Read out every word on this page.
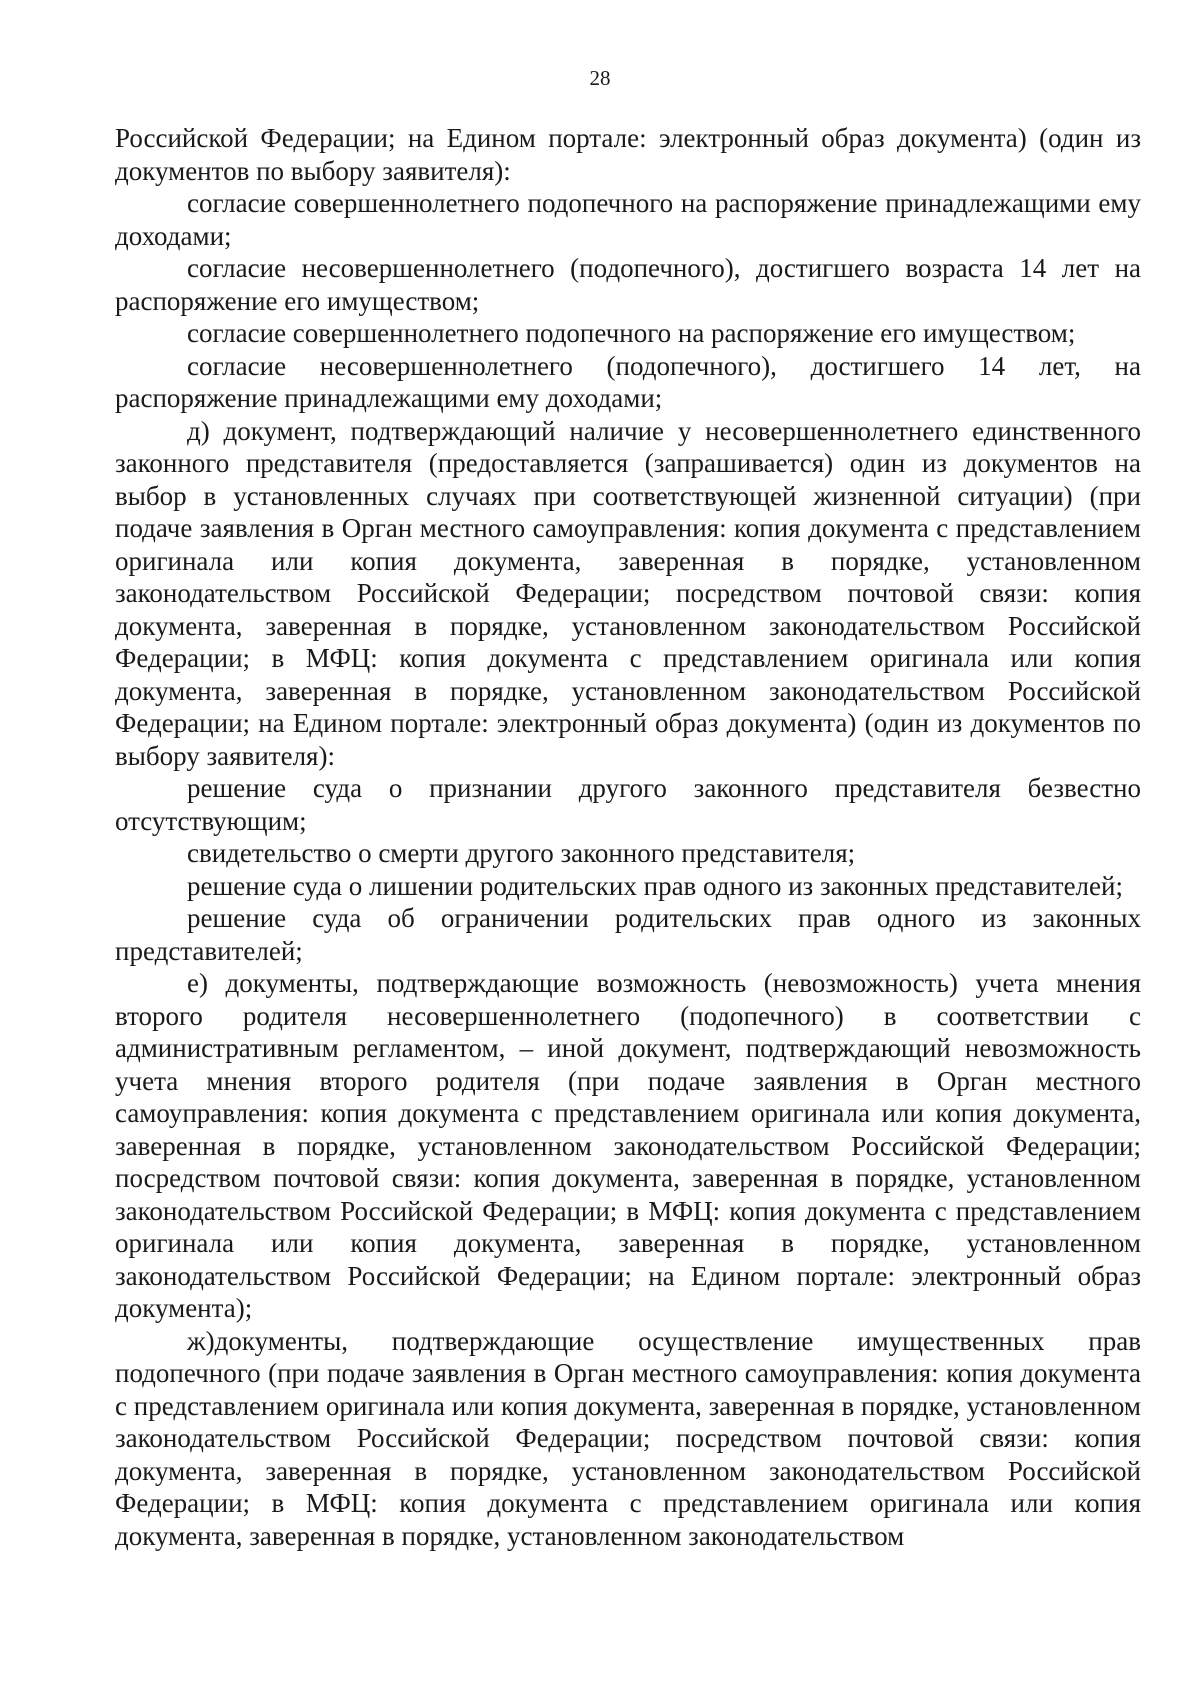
28

Российской Федерации; на Едином портале: электронный образ документа) (один из документов по выбору заявителя):

согласие совершеннолетнего подопечного на распоряжение принадлежащими ему доходами;

согласие несовершеннолетнего (подопечного), достигшего возраста 14 лет на распоряжение его имуществом;

согласие совершеннолетнего подопечного на распоряжение его имуществом;

согласие несовершеннолетнего (подопечного), достигшего 14 лет, на распоряжение принадлежащими ему доходами;

д) документ, подтверждающий наличие у несовершеннолетнего единственного законного представителя (предоставляется (запрашивается) один из документов на выбор в установленных случаях при соответствующей жизненной ситуации) (при подаче заявления в Орган местного самоуправления: копия документа с представлением оригинала или копия документа, заверенная в порядке, установленном законодательством Российской Федерации; посредством почтовой связи: копия документа, заверенная в порядке, установленном законодательством Российской Федерации; в МФЦ: копия документа с представлением оригинала или копия документа, заверенная в порядке, установленном законодательством Российской Федерации; на Едином портале: электронный образ документа) (один из документов по выбору заявителя):

решение суда о признании другого законного представителя безвестно отсутствующим;

свидетельство о смерти другого законного представителя;

решение суда о лишении родительских прав одного из законных представителей;

решение суда об ограничении родительских прав одного из законных представителей;

е) документы, подтверждающие возможность (невозможность) учета мнения второго родителя несовершеннолетнего (подопечного) в соответствии с административным регламентом, – иной документ, подтверждающий невозможность учета мнения второго родителя (при подаче заявления в Орган местного самоуправления: копия документа с представлением оригинала или копия документа, заверенная в порядке, установленном законодательством Российской Федерации; посредством почтовой связи: копия документа, заверенная в порядке, установленном законодательством Российской Федерации; в МФЦ: копия документа с представлением оригинала или копия документа, заверенная в порядке, установленном законодательством Российской Федерации; на Едином портале: электронный образ документа);

ж)документы, подтверждающие осуществление имущественных прав подопечного (при подаче заявления в Орган местного самоуправления: копия документа с представлением оригинала или копия документа, заверенная в порядке, установленном законодательством Российской Федерации; посредством почтовой связи: копия документа, заверенная в порядке, установленном законодательством Российской Федерации; в МФЦ: копия документа с представлением оригинала или копия документа, заверенная в порядке, установленном законодательством
